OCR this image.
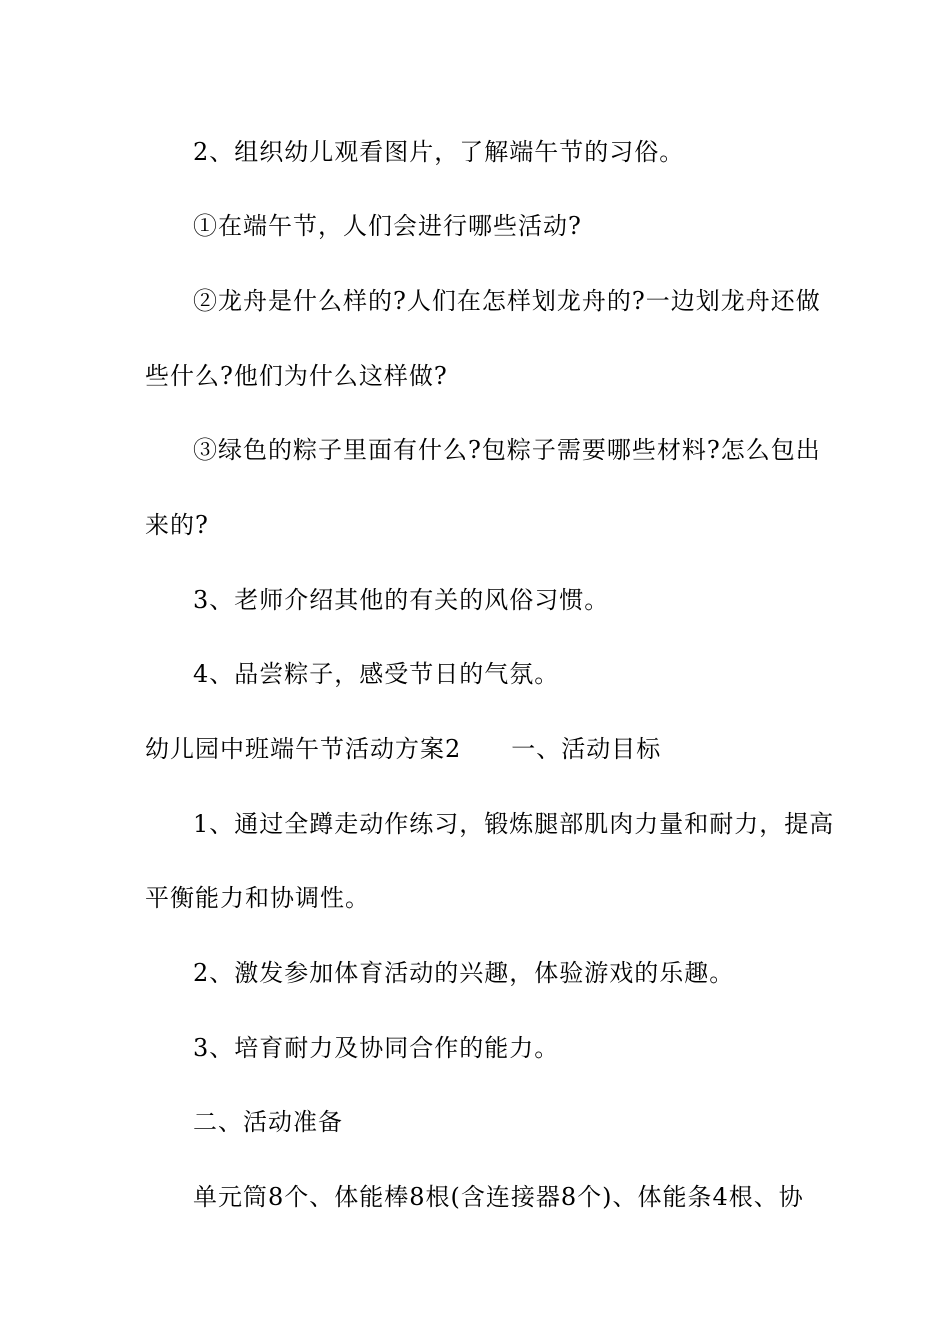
2、组织幼儿观看图片，了解端午节的习俗。
①在端午节，人们会进行哪些活动?
②龙舟是什么样的?人们在怎样划龙舟的?一边划龙舟还做
些什么?他们为什么这样做?
③绿色的粽子里面有什么?包粽子需要哪些材料?怎么包出
来的?
3、老师介绍其他的有关的风俗习惯。
4、品尝粽子，感受节日的气氛。
幼儿园中班端午节活动方案2　　一、活动目标
1、通过全蹲走动作练习，锻炼腿部肌肉力量和耐力，提高
平衡能力和协调性。
2、激发参加体育活动的兴趣，体验游戏的乐趣。
3、培育耐力及协同合作的能力。
二、活动准备
单元筒8个、体能棒8根(含连接器8个)、体能条4根、协
